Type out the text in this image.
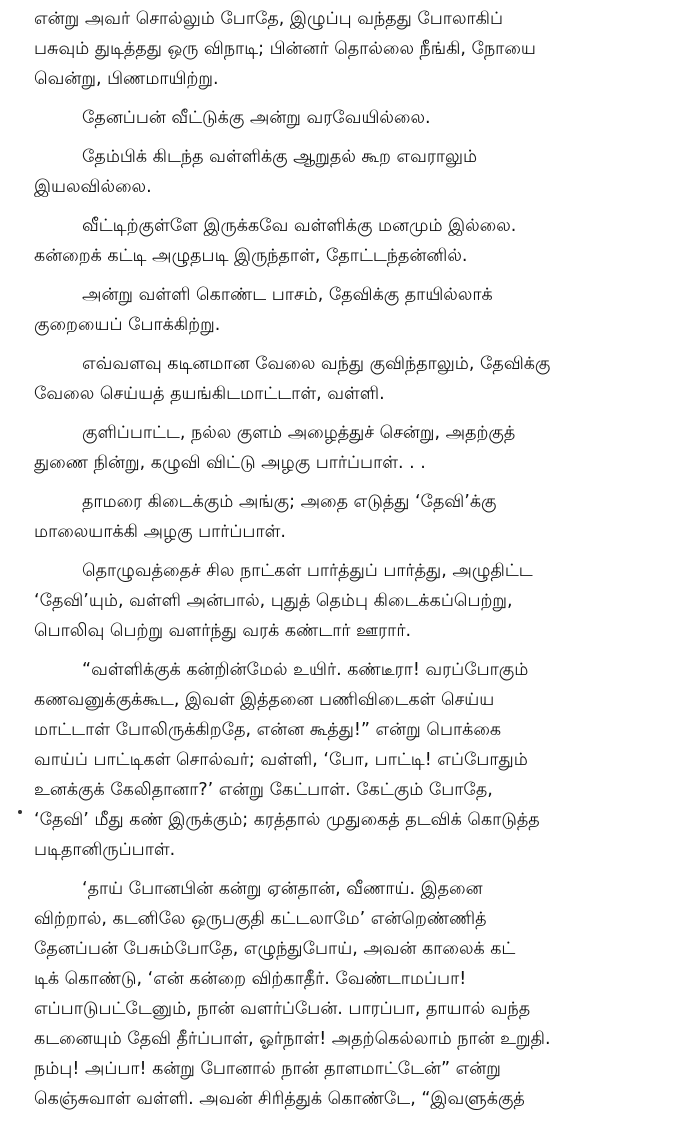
என்று அவர் சொல்லும் போதே, இழுப்பு வந்தது போலாகிப்
பசுவும் துடித்தது ஒரு விநாடி; பின்னர் தொல்லை நீங்கி, நோயை
வென்று, பிணமாயிற்று.
தேனப்பன் வீட்டுக்கு அன்று வரவேயில்லை.
தேம்பிக் கிடந்த வள்ளிக்கு ஆறுதல் கூற எவராலும்
இயலவில்லை.
வீட்டிற்குள்ளே இருக்கவே வள்ளிக்கு மனமும் இல்லை.
கன்றைக் கட்டி அழுதபடி இருந்தாள், தோட்டந்தன்னில்.
அன்று வள்ளி கொண்ட பாசம், தேவிக்கு தாயில்லாக்
குறையைப் போக்கிற்று.
எவ்வளவு கடினமான வேலை வந்து குவிந்தாலும், தேவிக்கு
வேலை செய்யத் தயங்கிடமாட்டாள், வள்ளி.
குளிப்பாட்ட, நல்ல குளம் அழைத்துச் சென்று, அதற்குத்
துணை நின்று, கழுவி விட்டு அழகு பார்ப்பாள். . .
தாமரை கிடைக்கும் அங்கு; அதை எடுத்து ‘தேவி’க்கு
மாலையாக்கி அழகு பார்ப்பாள்.
தொழுவத்தைச் சில நாட்கள் பார்த்துப் பார்த்து, அழுதிட்ட
‘தேவி’யும், வள்ளி அன்பால், புதுத் தெம்பு கிடைக்கப்பெற்று,
பொலிவு பெற்று வளர்ந்து வரக் கண்டார் ஊரார்.
“வள்ளிக்குக் கன்றின்மேல் உயிர். கண்டீரா! வரப்போகும்
கணவனுக்குக்கூட, இவள் இத்தனை பணிவிடைகள் செய்ய
மாட்டாள் போலிருக்கிறதே, என்ன கூத்து!” என்று பொக்கை
வாய்ப் பாட்டிகள் சொல்வர்; வள்ளி, ‘போ, பாட்டி! எப்போதும்
உனக்குக் கேலிதானா?’ என்று கேட்பாள். கேட்கும் போதே,
‘தேவி’ மீது கண் இருக்கும்; கரத்தால் முதுகைத் தடவிக் கொடுத்த
படிதானிருப்பாள்.
‘தாய் போனபின் கன்று ஏன்தான், வீணாய். இதனை
விற்றால், கடனிலே ஒருபகுதி கட்டலாமே’ என்றெண்ணித்
தேனப்பன் பேசும்போதே, எழுந்துபோய், அவன் காலைக் கட்
டிக் கொண்டு, ‘என் கன்றை விற்காதீர். வேண்டாமப்பா!
எப்பாடுபட்டேனும், நான் வளர்ப்பேன். பாரப்பா, தாயால் வந்த
கடனையும் தேவி தீர்ப்பாள், ஓர்நாள்! அதற்கெல்லாம் நான் உறுதி.
நம்பு! அப்பா! கன்று போனால் நான் தாளமாட்டேன்” என்று
கெஞ்சுவாள் வள்ளி. அவன் சிரித்துக் கொண்டே, “இவளுக்குத்
